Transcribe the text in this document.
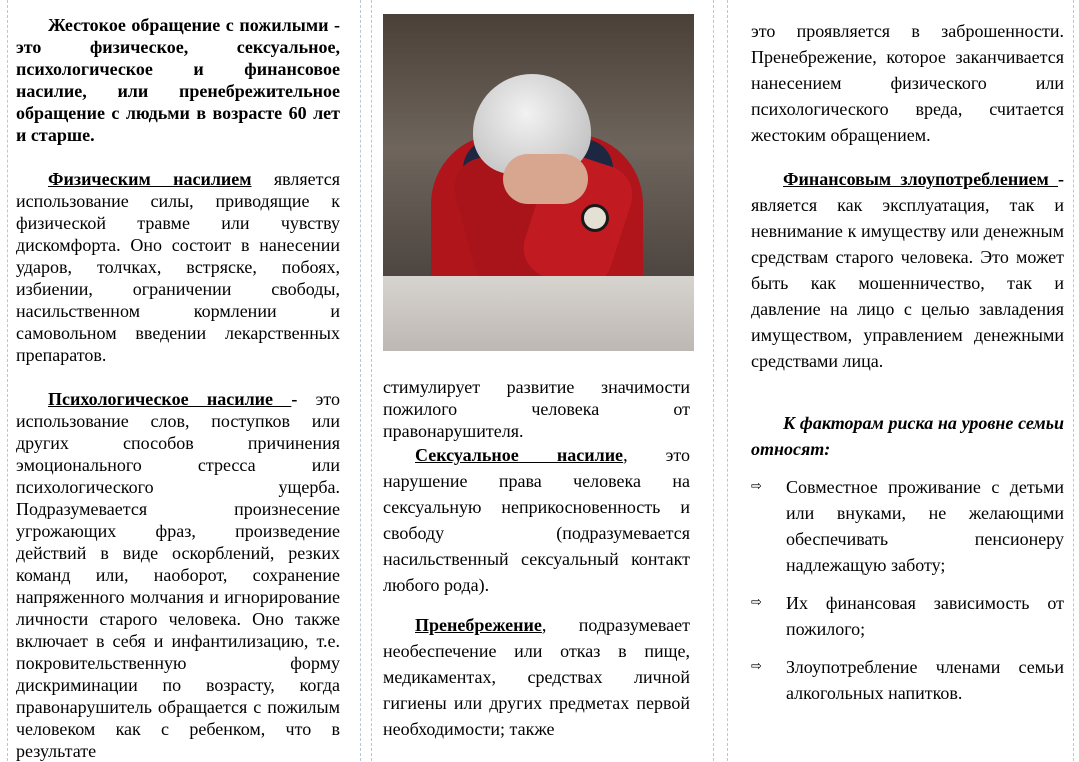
Жестокое обращение с пожилыми - это физическое, сексуальное, психологическое и финансовое насилие, или пренебрежительное обращение с людьми в возрасте 60 лет и старше.

Физическим насилием является использование силы, приводящие к физической травме или чувству дискомфорта. Оно состоит в нанесении ударов, толчках, встряске, побоях, избиении, ограничении свободы, насильственном кормлении и самовольном введении лекарственных препаратов.

Психологическое насилие - это использование слов, поступков или других способов причинения эмоционального стресса или психологического ущерба. Подразумевается произнесение угрожающих фраз, произведение действий в виде оскорблений, резких команд или, наоборот, сохранение напряженного молчания и игнорирование личности старого человека. Оно также включает в себя и инфантилизацию, т.е. покровительственную форму дискриминации по возрасту, когда правонарушитель обращается с пожилым человеком как с ребенком, что в результате

стимулирует развитие значимости пожилого человека от правонарушителя.

Сексуальное насилие, это нарушение права человека на сексуальную неприкосновенность и свободу (подразумевается насильственный сексуальный контакт любого рода).

Пренебрежение, подразумевает необеспечение или отказ в пище, медикаментах, средствах личной гигиены или других предметах первой необходимости; также

это проявляется в заброшенности. Пренебрежение, которое заканчивается нанесением физического или психологического вреда, считается жестоким обращением.

Финансовым злоупотреблением - является как эксплуатация, так и невнимание к имуществу или денежным средствам старого человека. Это может быть как мошенничество, так и давление на лицо с целью завладения имуществом, управлением денежными средствами лица.

К факторам риска на уровне семьи относят:

⇨ Совместное проживание с детьми или внуками, не желающими обеспечивать пенсионеру надлежащую заботу;
⇨ Их финансовая зависимость от пожилого;
⇨ Злоупотребление членами семьи алкогольных напитков.
